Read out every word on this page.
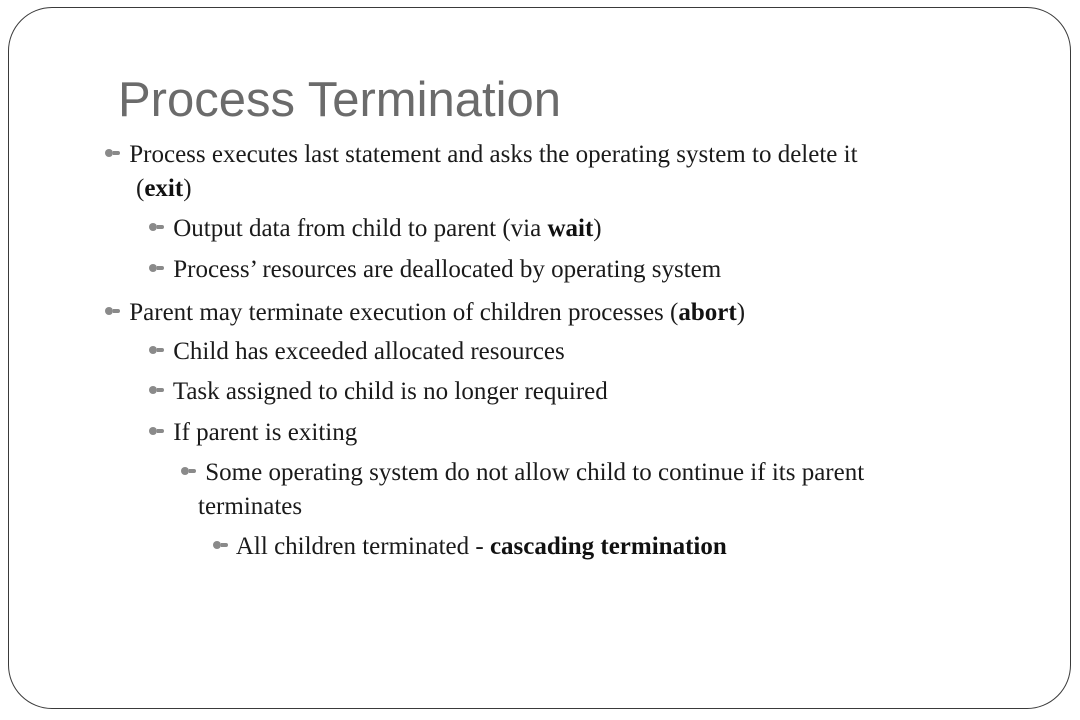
Process Termination
Process executes last statement and asks the operating system to delete it
(exit)
Output data from child to parent (via wait)
Process’ resources are deallocated by operating system
Parent may terminate execution of children processes (abort)
Child has exceeded allocated resources
Task assigned to child is no longer required
If parent is exiting
Some operating system do not allow child to continue if its parent
terminates
All children terminated - cascading termination
